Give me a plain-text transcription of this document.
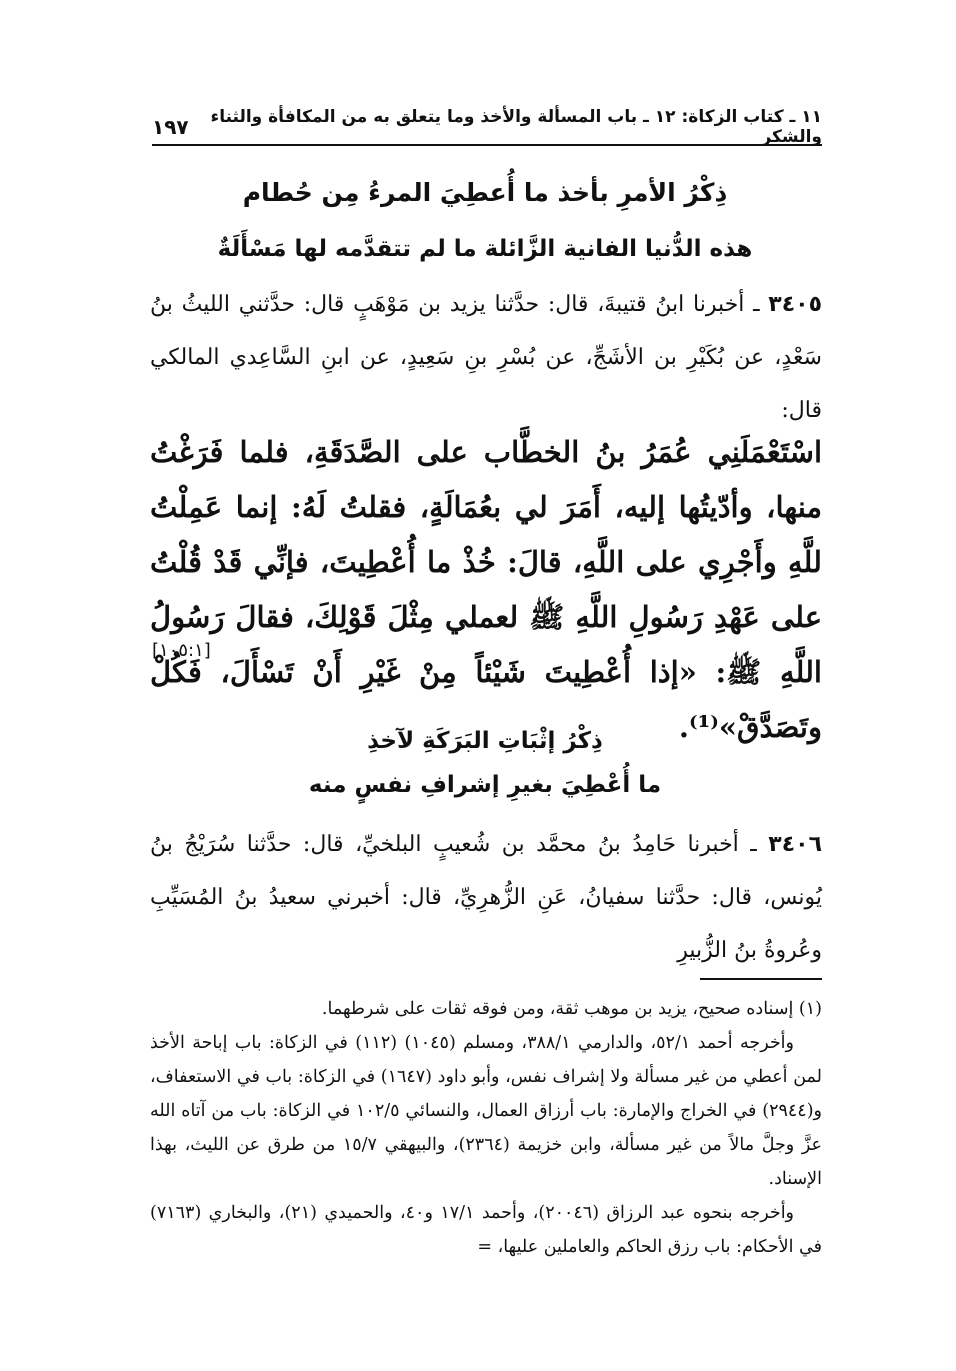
١١ ـ كتاب الزكاة: ١٢ ـ باب المسألة والأخذ وما يتعلق به من المكافأة والثناء والشكر
١٩٧
ذِكْرُ الأمرِ بأخذ ما أُعطِيَ المرءُ مِن حُطام
هذه الدُّنيا الفانية الزَّائلة ما لم تتقدَّمه لها مَسْأَلَةٌ

٣٤٠٥ ـ أخبرنا ابنُ قتيبةَ، قال: حدَّثنا يزيد بن مَوْهَبٍ قال: حدَّثني الليثُ بنُ سَعْدٍ، عن بُكَيْرِ بن الأشَجِّ، عن بُسْرِ بنِ سَعِيدٍ، عن ابنِ السَّاعِدي المالكي قال:

اسْتَعْمَلَنِي عُمَرُ بنُ الخطَّاب على الصَّدَقَةِ، فلما فَرَغْتُ منها، وأدّيتُها إليه، أَمَرَ لي بعُمَالَةٍ، فقلتُ لَهُ: إنما عَمِلْتُ للَّهِ وأَجْرِي على اللَّهِ، قالَ: خُذْ ما أُعْطِيتَ، فإنِّي قَدْ قُلْتُ على عَهْدِ رَسُولِ اللَّهِ ﷺ لعملي مِثْلَ قَوْلِكَ، فقالَ رَسُولُ اللَّهِ ﷺ: «إذا أُعْطِيتَ شَيْئاً مِنْ غَيْرِ أَنْ تَسْأَلَ، فَكُلْ وتَصَدَّقْ»⁽¹⁾.

[١٠٥:١]
ذِكْرُ إثْبَاتِ البَرَكَةِ لآخذِ
ما أُعْطِيَ بغيرِ إشرافِ نفسٍ منه

٣٤٠٦ ـ أخبرنا حَامِدُ بنُ محمَّد بن شُعيبٍ البلخيِّ، قال: حدَّثنا سُرَيْجُ بنُ يُونس، قال: حدَّثنا سفيانُ، عَنِ الزُّهرِيِّ، قال: أخبرني سعيدُ بنُ المُسَيِّبِ وعُروةُ بنُ الزُّبيرِ

(١) إسناده صحيح، يزيد بن موهب ثقة، ومن فوقه ثقات على شرطهما.

وأخرجه أحمد ٥٢/١، والدارمي ٣٨٨/١، ومسلم (١٠٤٥) (١١٢) في الزكاة: باب إباحة الأخذ لمن أعطي من غير مسألة ولا إشراف نفس، وأبو داود (١٦٤٧) في الزكاة: باب في الاستعفاف، و(٢٩٤٤) في الخراج والإمارة: باب أرزاق العمال، والنسائي ١٠٢/٥ في الزكاة: باب من آتاه الله عزَّ وجلَّ مالاً من غير مسألة، وابن خزيمة (٢٣٦٤)، والبيهقي ١٥/٧ من طرق عن الليث، بهذا الإسناد.

وأخرجه بنحوه عبد الرزاق (٢٠٠٤٦)، وأحمد ١٧/١ و٤٠، والحميدي (٢١)، والبخاري (٧١٦٣) في الأحكام: باب رزق الحاكم والعاملين عليها، =
